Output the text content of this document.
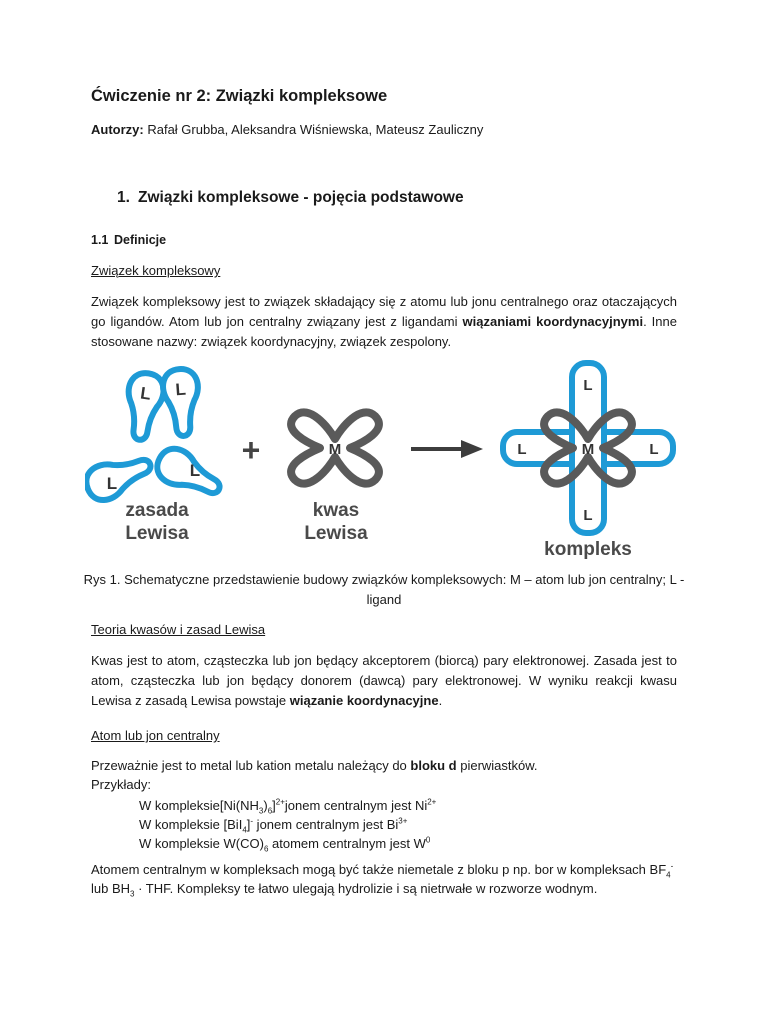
Ćwiczenie nr 2: Związki kompleksowe
Autorzy: Rafał Grubba, Aleksandra Wiśniewska, Mateusz Zauliczny
1. Związki kompleksowe - pojęcia podstawowe
1.1 Definicje
Związek kompleksowy

Związek kompleksowy jest to związek składający się z atomu lub jonu centralnego oraz otaczających go ligandów. Atom lub jon centralny związany jest z ligandami wiązaniami koordynacyjnymi. Inne stosowane nazwy: związek koordynacyjny, związek zespolony.

L L
L
L
zasada
Lewisa
+	M
kwas
Lewisa
M
L
L
L	L
kompleks
Rys 1. Schematyczne przedstawienie budowy związków kompleksowych: M – atom lub jon centralny; L - ligand
Teoria kwasów i zasad Lewisa

Kwas jest to atom, cząsteczka lub jon będący akceptorem (biorcą) pary elektronowej. Zasada jest to atom, cząsteczka lub jon będący donorem (dawcą) pary elektronowej. W wyniku reakcji kwasu Lewisa z zasadą Lewisa powstaje wiązanie koordynacyjne.

Atom lub jon centralny
Przeważnie jest to metal lub kation metalu należący do bloku d pierwiastków.
Przykłady:
W $kompleksie[Ni(NH_3)_6]^{2+}jonem$ centralnym jest $Ni^{2+}$
W kompleksie [BiI$_4$]- jonem centralnym jest $Bi^{3+}$
W kompleksie $W(CO)_6$ atomem centralnym jest $W^0$
Atomem centralnym w kompleksach mogą być także niemetale z bloku p np. bor w kompleksach $BF_4^-$
lub $BH_3$ · THF. Kompleksy te łatwo ulegają hydrolizie i są nietrwałe w rozworze wodnym.
